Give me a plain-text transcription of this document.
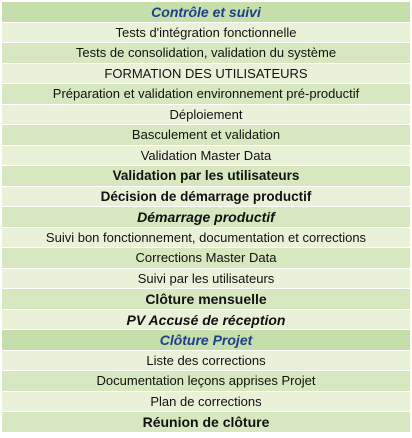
Contrôle et suivi
Tests d'intégration fonctionnelle
Tests de consolidation, validation du système
FORMATION DES UTILISATEURS
Préparation et validation environnement pré-productif
Déploiement
Basculement et validation
Validation Master Data
Validation par les utilisateurs
Décision de démarrage productif
Démarrage productif
Suivi bon fonctionnement, documentation et corrections
Corrections Master Data
Suivi par les utilisateurs
Clôture mensuelle
PV Accusé de réception
Clôture Projet
Liste des corrections
Documentation leçons apprises Projet
Plan de corrections
Réunion de clôture
